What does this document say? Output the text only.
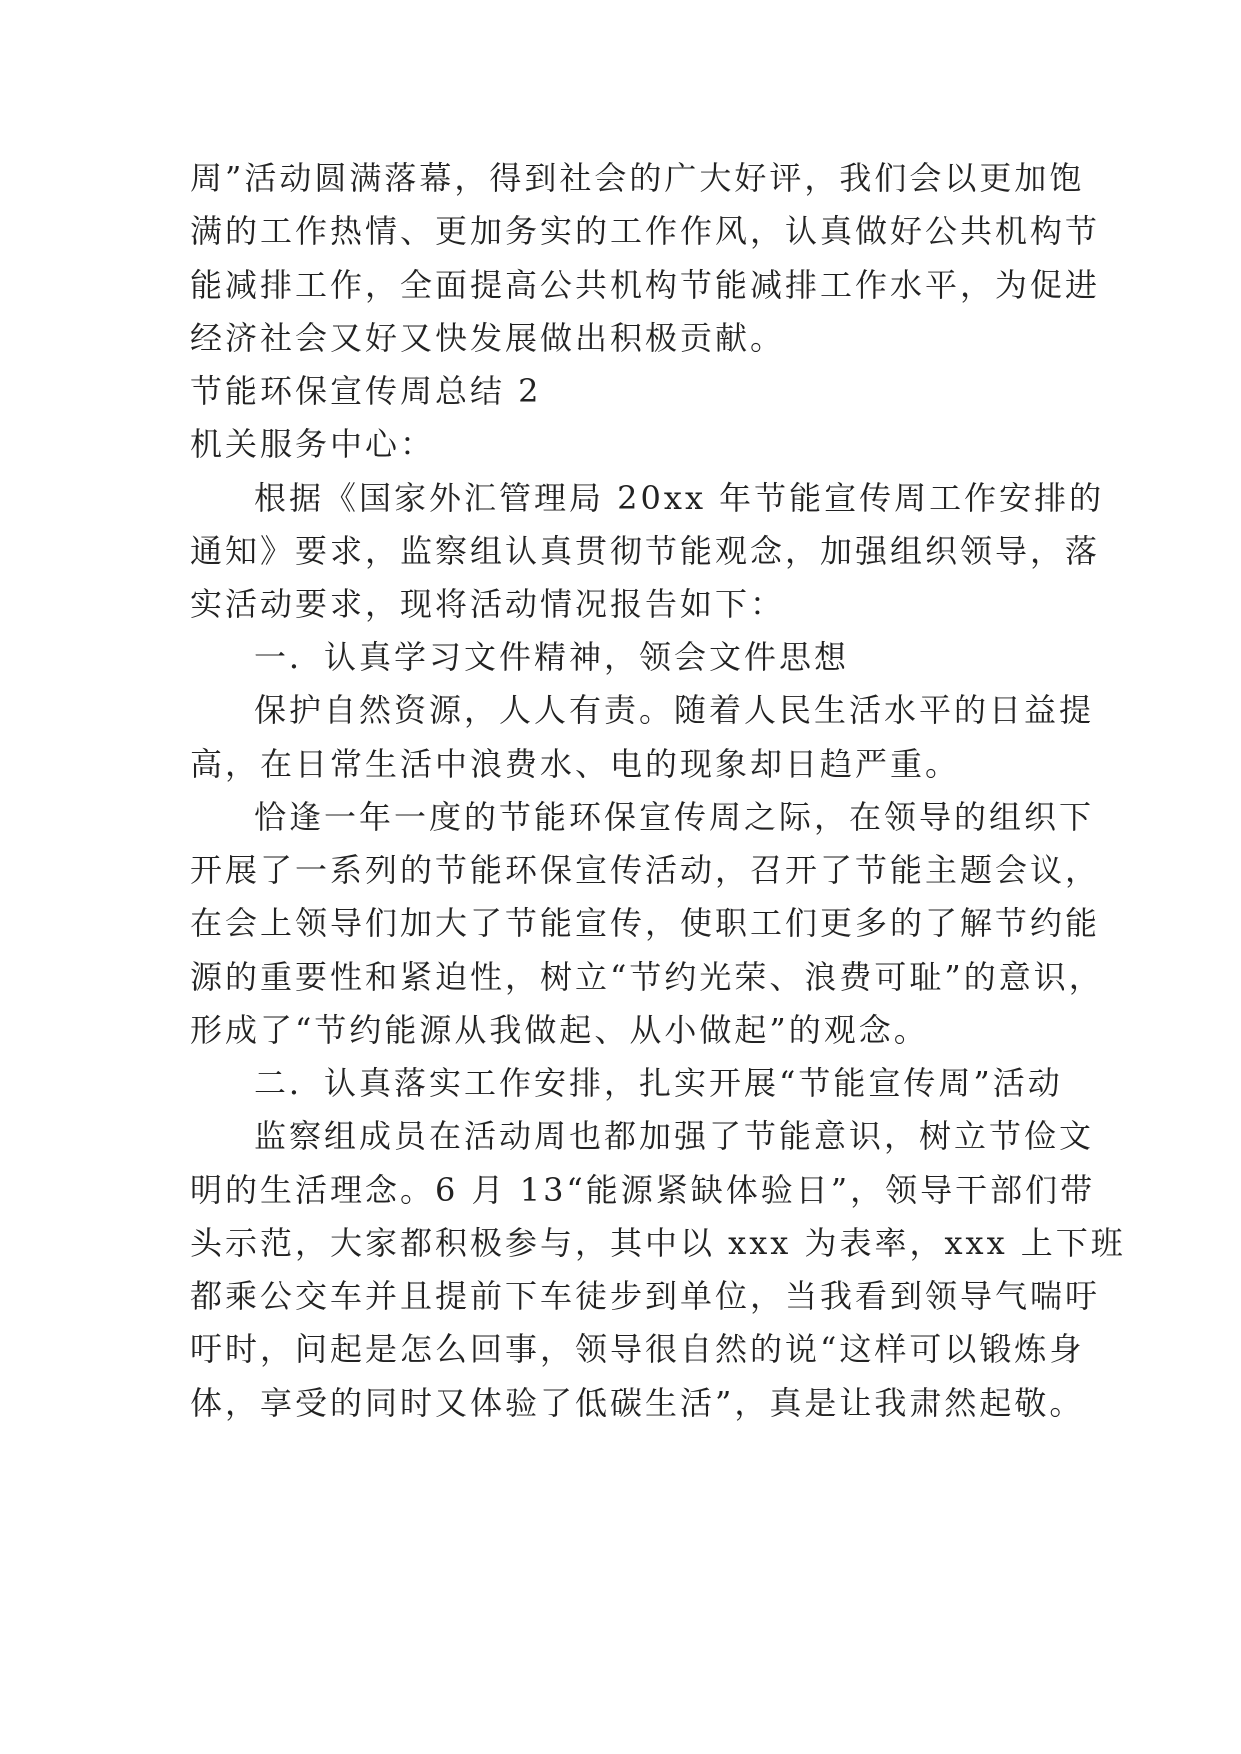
周”活动圆满落幕，得到社会的广大好评，我们会以更加饱
满的工作热情、更加务实的工作作风，认真做好公共机构节
能减排工作，全面提高公共机构节能减排工作水平，为促进
经济社会又好又快发展做出积极贡献。
节能环保宣传周总结 2
机关服务中心：
根据《国家外汇管理局 20xx 年节能宣传周工作安排的
通知》要求，监察组认真贯彻节能观念，加强组织领导，落
实活动要求，现将活动情况报告如下：
一．认真学习文件精神，领会文件思想
保护自然资源，人人有责。随着人民生活水平的日益提
高，在日常生活中浪费水、电的现象却日趋严重。
恰逢一年一度的节能环保宣传周之际，在领导的组织下
开展了一系列的节能环保宣传活动，召开了节能主题会议，
在会上领导们加大了节能宣传，使职工们更多的了解节约能
源的重要性和紧迫性，树立“节约光荣、浪费可耻”的意识，
形成了“节约能源从我做起、从小做起”的观念。
二．认真落实工作安排，扎实开展“节能宣传周”活动
监察组成员在活动周也都加强了节能意识，树立节俭文
明的生活理念。6 月 13“能源紧缺体验日”，领导干部们带
头示范，大家都积极参与，其中以 xxx 为表率，xxx 上下班
都乘公交车并且提前下车徒步到单位，当我看到领导气喘吁
吁时，问起是怎么回事，领导很自然的说“这样可以锻炼身
体，享受的同时又体验了低碳生活”，真是让我肃然起敬。
